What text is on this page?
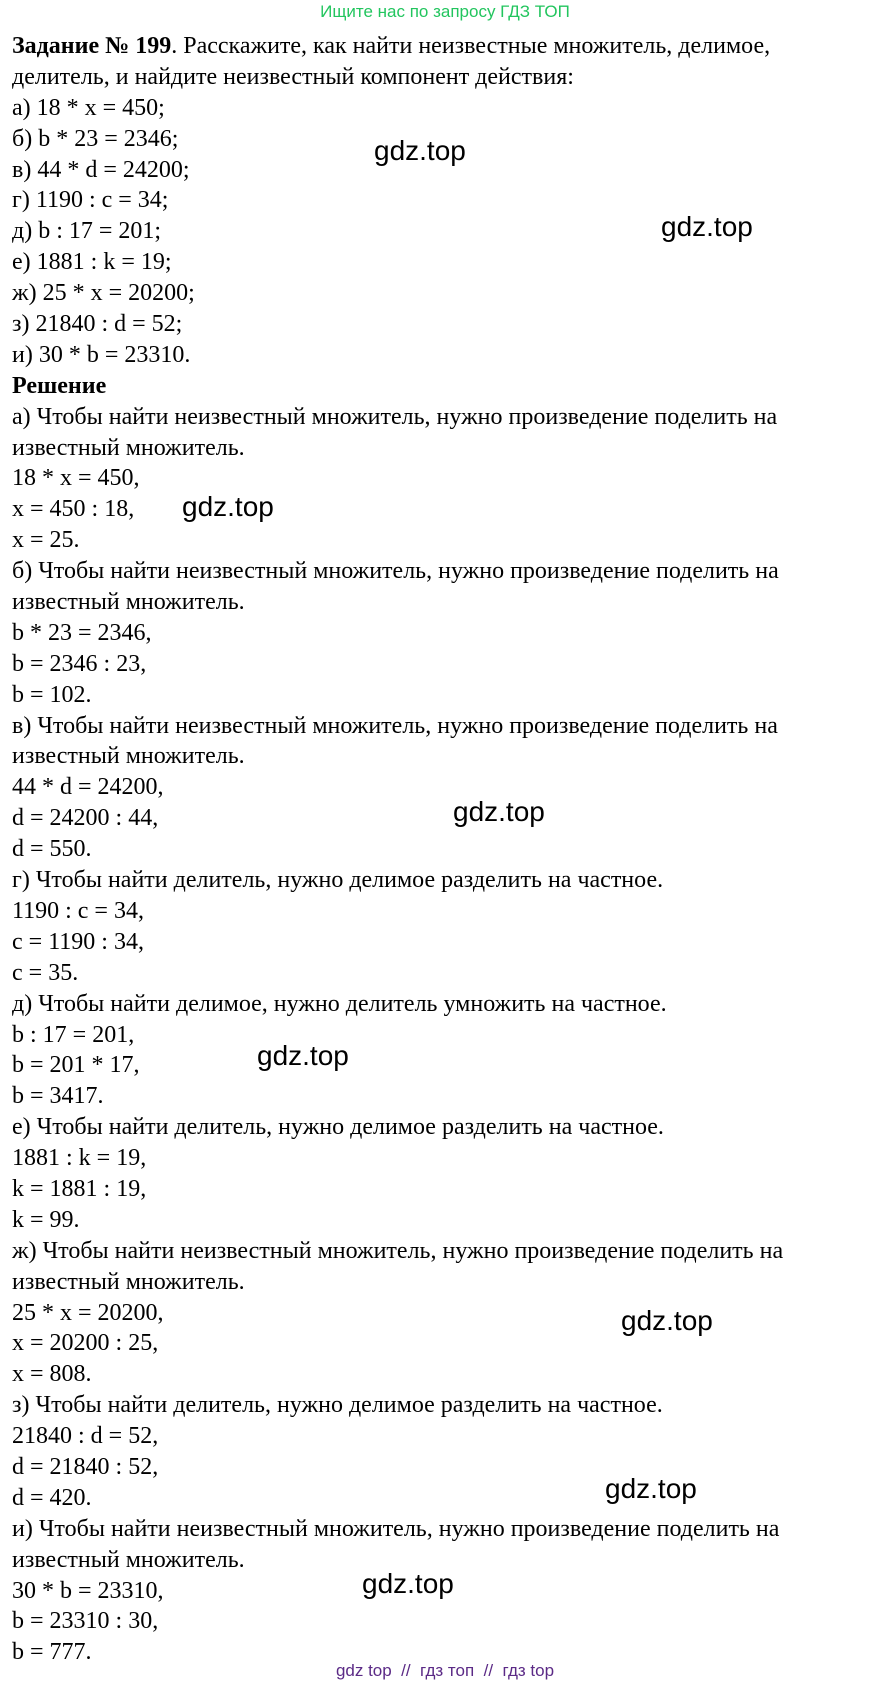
Ищите нас по запросу ГДЗ ТОП
Задание № 199. Расскажите, как найти неизвестные множитель, делимое,
делитель, и найдите неизвестный компонент действия:
а) 18 * x = 450;
б) b * 23 = 2346;
в) 44 * d = 24200;
г) 1190 : c = 34;
д) b : 17 = 201;
е) 1881 : k = 19;
ж) 25 * x = 20200;
з) 21840 : d = 52;
и) 30 * b = 23310.
Решение
а) Чтобы найти неизвестный множитель, нужно произведение поделить на
известный множитель.
18 * x = 450,
x = 450 : 18,
x = 25.
б) Чтобы найти неизвестный множитель, нужно произведение поделить на
известный множитель.
b * 23 = 2346,
b = 2346 : 23,
b = 102.
в) Чтобы найти неизвестный множитель, нужно произведение поделить на
известный множитель.
44 * d = 24200,
d = 24200 : 44,
d = 550.
г) Чтобы найти делитель, нужно делимое разделить на частное.
1190 : c = 34,
c = 1190 : 34,
c = 35.
д) Чтобы найти делимое, нужно делитель умножить на частное.
b : 17 = 201,
b = 201 * 17,
b = 3417.
е) Чтобы найти делитель, нужно делимое разделить на частное.
1881 : k = 19,
k = 1881 : 19,
k = 99.
ж) Чтобы найти неизвестный множитель, нужно произведение поделить на
известный множитель.
25 * x = 20200,
x = 20200 : 25,
x = 808.
з) Чтобы найти делитель, нужно делимое разделить на частное.
21840 : d = 52,
d = 21840 : 52,
d = 420.
и) Чтобы найти неизвестный множитель, нужно произведение поделить на
известный множитель.
30 * b = 23310,
b = 23310 : 30,
b = 777.
gdz.top
gdz.top
gdz.top
gdz.top
gdz.top
gdz.top
gdz.top
gdz.top
gdz top  //  гдз топ  //  гдз top
